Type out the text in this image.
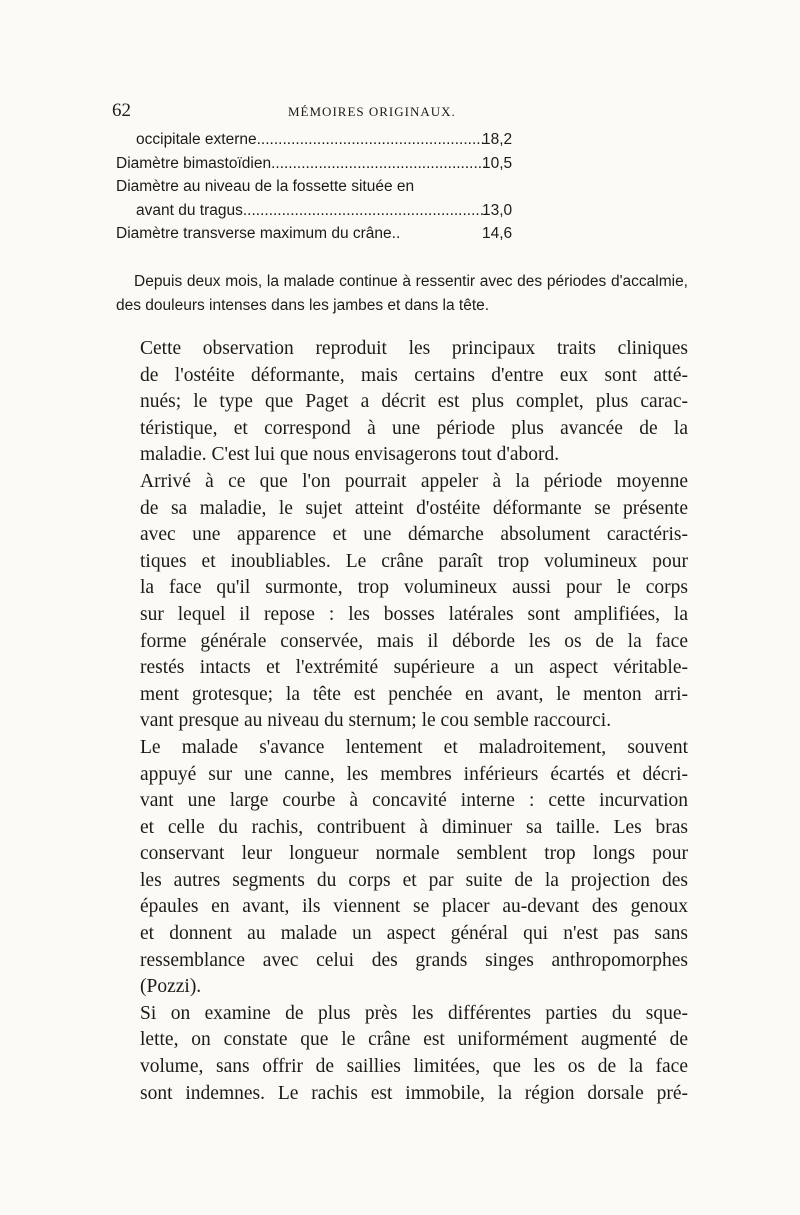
62	MÉMOIRES ORIGINAUX.
occipitale externe.....................................................
18,2
Diamètre bimastoïdien..................................................
10,5
Diamètre au niveau de la fossette située en
avant du tragus.........................................................
13,0
Diamètre transverse maximum du crâne..	14,6

Depuis deux mois, la malade continue à ressentir avec des périodes d'accalmie, des douleurs intenses dans les jambes et dans la tête.

Cette observation reproduit les principaux traits cliniques
de l'ostéite déformante, mais certains d'entre eux sont atté-
nués; le type que Paget a décrit est plus complet, plus carac-
téristique, et correspond à une période plus avancée de la
maladie. C'est lui que nous envisagerons tout d'abord.

Arrivé à ce que l'on pourrait appeler à la période moyenne
de sa maladie, le sujet atteint d'ostéite déformante se présente
avec une apparence et une démarche absolument caractéris-
tiques et inoubliables. Le crâne paraît trop volumineux pour
la face qu'il surmonte, trop volumineux aussi pour le corps
sur lequel il repose : les bosses latérales sont amplifiées, la
forme générale conservée, mais il déborde les os de la face
restés intacts et l'extrémité supérieure a un aspect véritable-
ment grotesque; la tête est penchée en avant, le menton arri-
vant presque au niveau du sternum; le cou semble raccourci.

Le malade s'avance lentement et maladroitement, souvent
appuyé sur une canne, les membres inférieurs écartés et décri-
vant une large courbe à concavité interne : cette incurvation
et celle du rachis, contribuent à diminuer sa taille. Les bras
conservant leur longueur normale semblent trop longs pour
les autres segments du corps et par suite de la projection des
épaules en avant, ils viennent se placer au-devant des genoux
et donnent au malade un aspect général qui n'est pas sans
ressemblance avec celui des grands singes anthropomorphes
(Pozzi).

Si on examine de plus près les différentes parties du sque-
lette, on constate que le crâne est uniformément augmenté de
volume, sans offrir de saillies limitées, que les os de la face
sont indemnes. Le rachis est immobile, la région dorsale pré-
